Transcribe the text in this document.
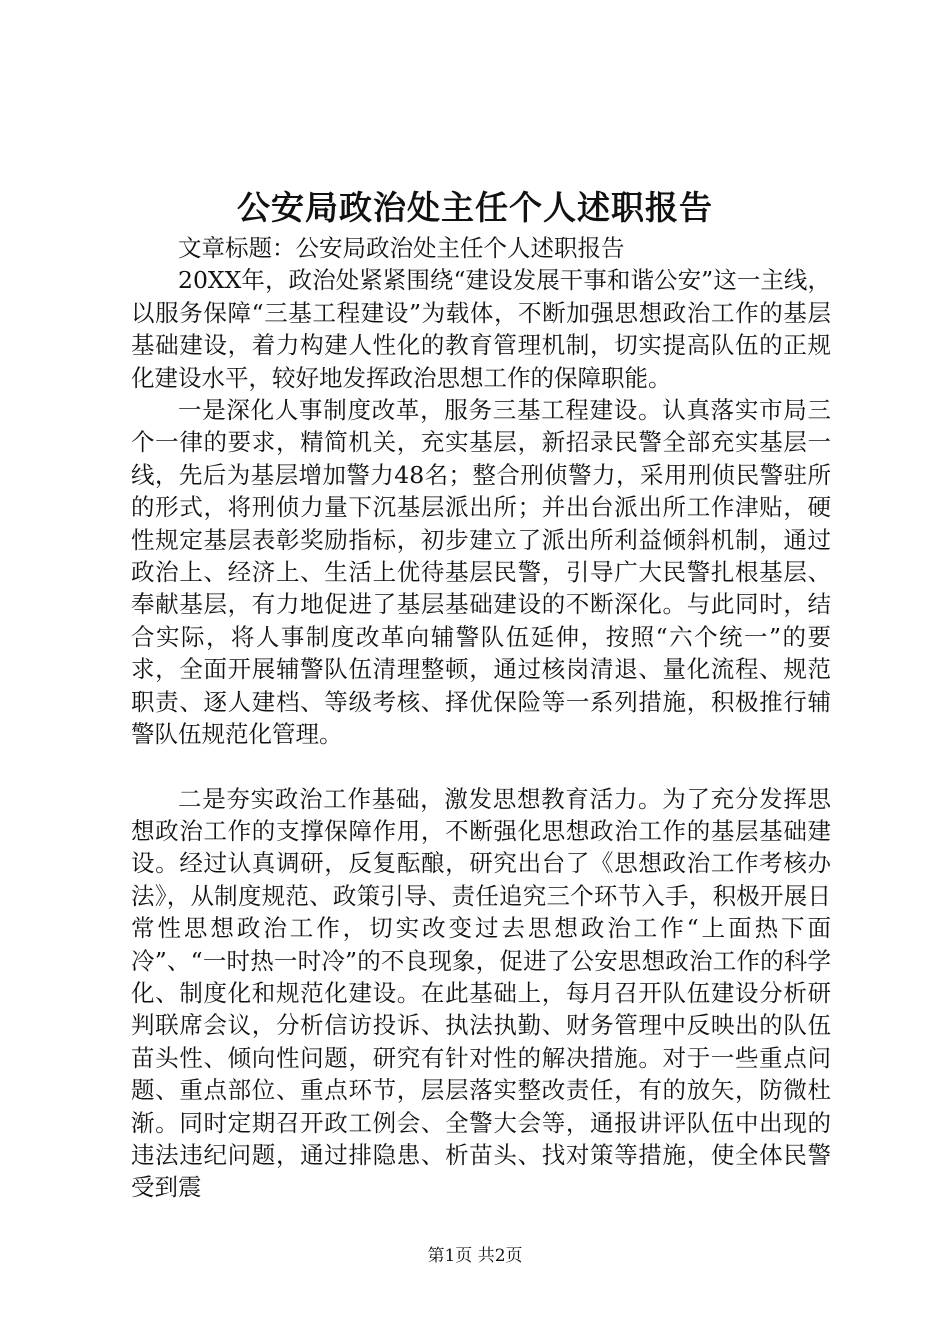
公安局政治处主任个人述职报告

文章标题：公安局政治处主任个人述职报告

20XX年，政治处紧紧围绕“建设发展干事和谐公安”这一主线，以服务保障“三基工程建设”为载体，不断加强思想政治工作的基层基础建设，着力构建人性化的教育管理机制，切实提高队伍的正规化建设水平，较好地发挥政治思想工作的保障职能。

一是深化人事制度改革，服务三基工程建设。认真落实市局三个一律的要求，精简机关，充实基层，新招录民警全部充实基层一线，先后为基层增加警力48名；整合刑侦警力，采用刑侦民警驻所的形式，将刑侦力量下沉基层派出所；并出台派出所工作津贴，硬性规定基层表彰奖励指标，初步建立了派出所利益倾斜机制，通过政治上、经济上、生活上优待基层民警，引导广大民警扎根基层、奉献基层，有力地促进了基层基础建设的不断深化。与此同时，结合实际，将人事制度改革向辅警队伍延伸，按照“六个统一”的要求，全面开展辅警队伍清理整顿，通过核岗清退、量化流程、规范职责、逐人建档、等级考核、择优保险等一系列措施，积极推行辅警队伍规范化管理。

二是夯实政治工作基础，激发思想教育活力。为了充分发挥思想政治工作的支撑保障作用，不断强化思想政治工作的基层基础建设。经过认真调研，反复酝酿，研究出台了《思想政治工作考核办法》，从制度规范、政策引导、责任追究三个环节入手，积极开展日常性思想政治工作，切实改变过去思想政治工作“上面热下面冷”、“一时热一时冷”的不良现象，促进了公安思想政治工作的科学化、制度化和规范化建设。在此基础上，每月召开队伍建设分析研判联席会议，分析信访投诉、执法执勤、财务管理中反映出的队伍苗头性、倾向性问题，研究有针对性的解决措施。对于一些重点问题、重点部位、重点环节，层层落实整改责任，有的放矢，防微杜渐。同时定期召开政工例会、全警大会等，通报讲评队伍中出现的违法违纪问题，通过排隐患、析苗头、找对策等措施，使全体民警受到震

第1页 共2页
